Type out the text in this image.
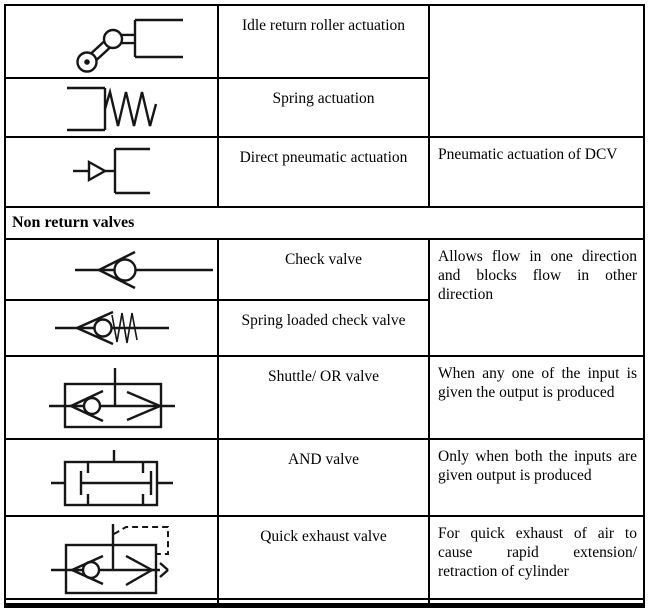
Idle return roller actuation
Spring actuation
Direct pneumatic actuation	Pneumatic actuation of DCV
Non return valves
Check valve	Allows flow in one direction and blocks flow in other direction
Spring loaded check valve
Shuttle/ OR valve	When any one of the input is given the output is produced
AND valve	Only when both the inputs are given output is produced
Quick exhaust valve	For quick exhaust of air to cause rapid extension/ retraction of cylinder
